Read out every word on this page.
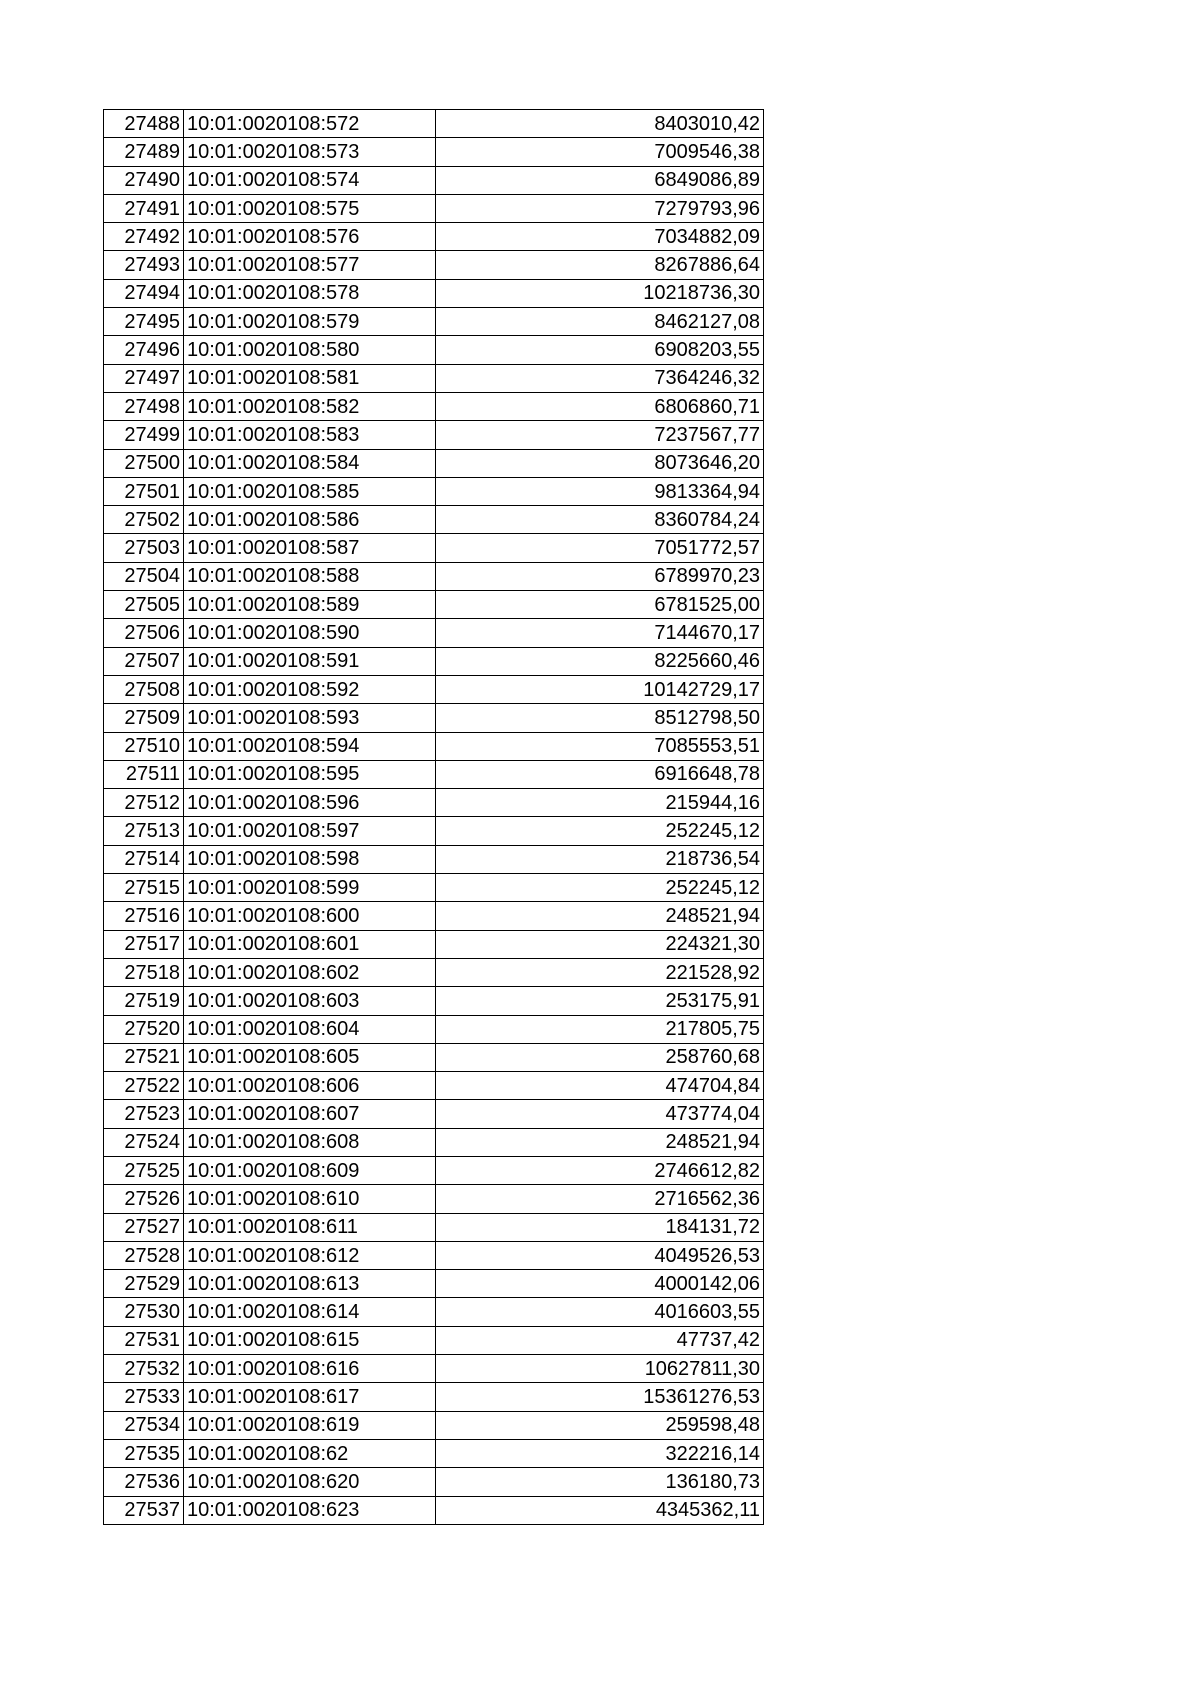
27488	10:01:0020108:572	8403010,42
27489	10:01:0020108:573	7009546,38
27490	10:01:0020108:574	6849086,89
27491	10:01:0020108:575	7279793,96
27492	10:01:0020108:576	7034882,09
27493	10:01:0020108:577	8267886,64
27494	10:01:0020108:578	10218736,30
27495	10:01:0020108:579	8462127,08
27496	10:01:0020108:580	6908203,55
27497	10:01:0020108:581	7364246,32
27498	10:01:0020108:582	6806860,71
27499	10:01:0020108:583	7237567,77
27500	10:01:0020108:584	8073646,20
27501	10:01:0020108:585	9813364,94
27502	10:01:0020108:586	8360784,24
27503	10:01:0020108:587	7051772,57
27504	10:01:0020108:588	6789970,23
27505	10:01:0020108:589	6781525,00
27506	10:01:0020108:590	7144670,17
27507	10:01:0020108:591	8225660,46
27508	10:01:0020108:592	10142729,17
27509	10:01:0020108:593	8512798,50
27510	10:01:0020108:594	7085553,51
27511	10:01:0020108:595	6916648,78
27512	10:01:0020108:596	215944,16
27513	10:01:0020108:597	252245,12
27514	10:01:0020108:598	218736,54
27515	10:01:0020108:599	252245,12
27516	10:01:0020108:600	248521,94
27517	10:01:0020108:601	224321,30
27518	10:01:0020108:602	221528,92
27519	10:01:0020108:603	253175,91
27520	10:01:0020108:604	217805,75
27521	10:01:0020108:605	258760,68
27522	10:01:0020108:606	474704,84
27523	10:01:0020108:607	473774,04
27524	10:01:0020108:608	248521,94
27525	10:01:0020108:609	2746612,82
27526	10:01:0020108:610	2716562,36
27527	10:01:0020108:611	184131,72
27528	10:01:0020108:612	4049526,53
27529	10:01:0020108:613	4000142,06
27530	10:01:0020108:614	4016603,55
27531	10:01:0020108:615	47737,42
27532	10:01:0020108:616	10627811,30
27533	10:01:0020108:617	15361276,53
27534	10:01:0020108:619	259598,48
27535	10:01:0020108:62	322216,14
27536	10:01:0020108:620	136180,73
27537	10:01:0020108:623	4345362,11
